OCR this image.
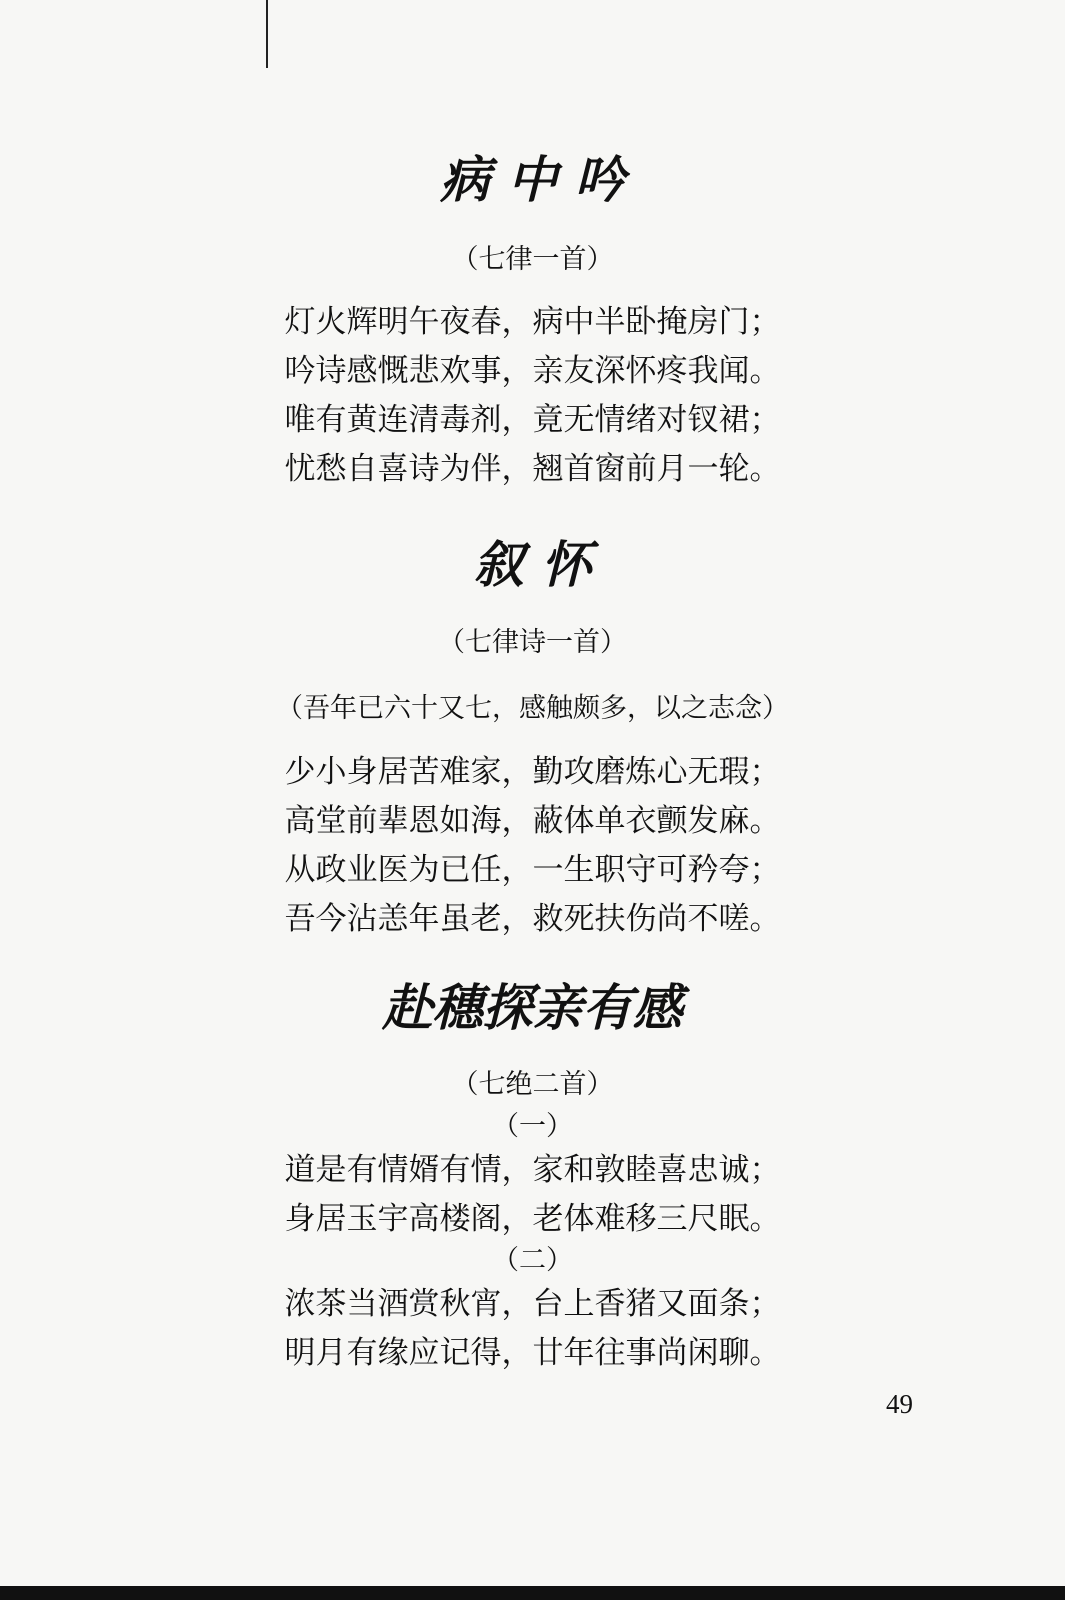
病 中 吟
（七律一首）
灯火辉明午夜春，病中半卧掩房门；
吟诗感慨悲欢事，亲友深怀疼我闻。
唯有黄连清毒剂，竟无情绪对钗裙；
忧愁自喜诗为伴，翘首窗前月一轮。
叙 怀
（七律诗一首）
（吾年已六十又七，感触颇多，以之志念）
少小身居苦难家，勤攻磨炼心无瑕；
高堂前辈恩如海，蔽体单衣颤发麻。
从政业医为已任，一生职守可矜夸；
吾今沾恙年虽老，救死扶伤尚不嗟。
赴穗探亲有感
（七绝二首）
（一）
道是有情婿有情，家和敦睦喜忠诚；
身居玉宇高楼阁，老体难移三尺眠。
（二）
浓茶当酒赏秋宵，台上香猪又面条；
明月有缘应记得，廿年往事尚闲聊。
49
